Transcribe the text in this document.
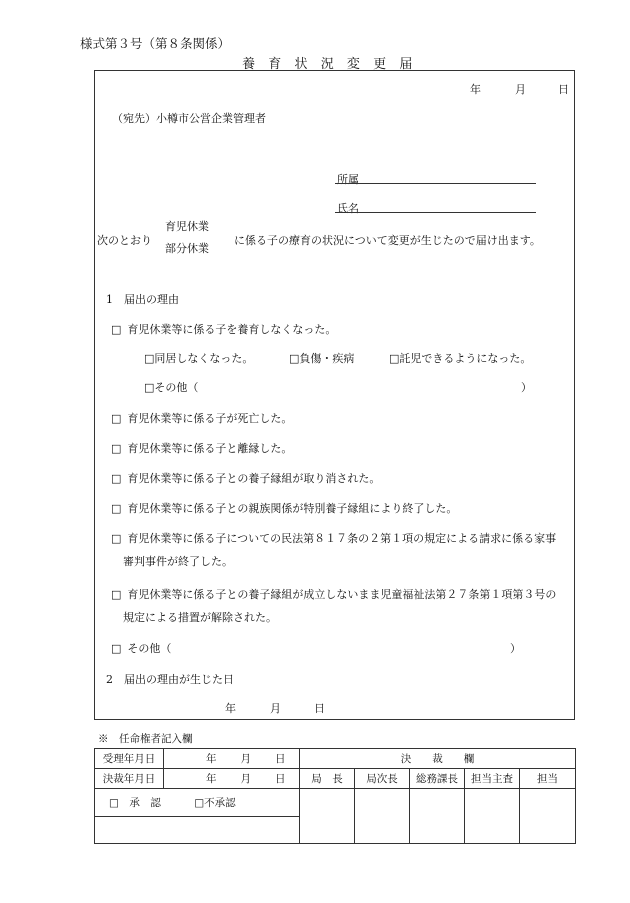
様式第３号（第８条関係）
養 育 状 況 変 更 届
年	月	日
（宛先）小樽市公営企業管理者
所属
氏名
次のとおり
育児休業
部分休業
に係る子の療育の状況について変更が生じたので届け出ます。
1　届出の理由
□ 育児休業等に係る子を養育しなくなった。
□同居しなくなった。	□負傷・疾病	□託児できるようになった。
□その他（	）
□ 育児休業等に係る子が死亡した。
□ 育児休業等に係る子と離縁した。
□ 育児休業等に係る子との養子縁組が取り消された。
□ 育児休業等に係る子との親族関係が特別養子縁組により終了した。
□ 育児休業等に係る子についての民法第８１７条の２第１項の規定による請求に係る家事
審判事件が終了した。
□ 育児休業等に係る子との養子縁組が成立しないまま児童福祉法第２７条第１項第３号の
規定による措置が解除された。
□ その他（	）
2　届出の理由が生じた日
年	月	日
※　任命権者記入欄
受理年月日	年 月 日	決　　裁　　欄				
決裁年月日	年 月 日	局　長	局次長	総務課長	担当主査	担当
□　承　認 □不承認						
